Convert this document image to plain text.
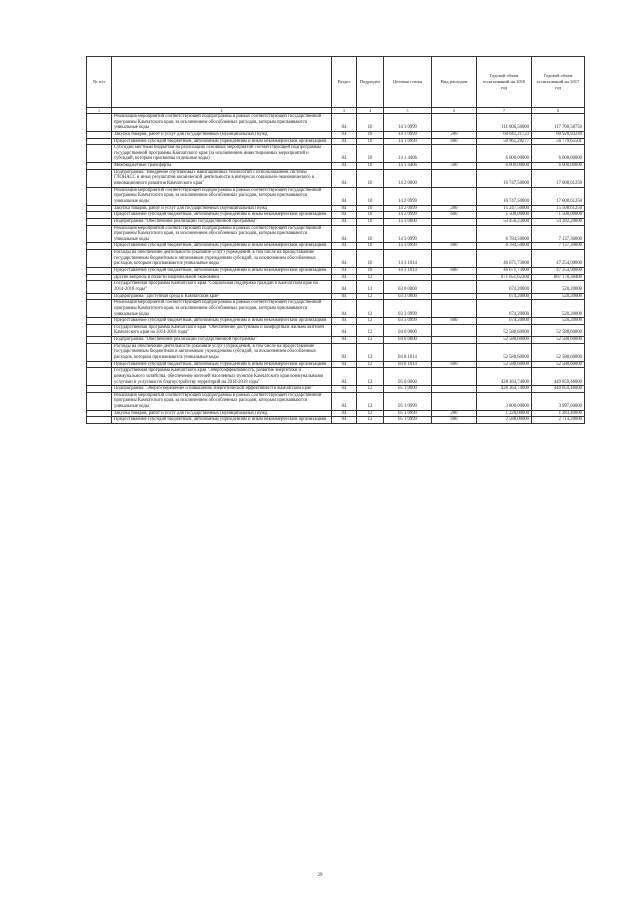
№ п/п		Раздел	Подраздел	Целевая статья	Вид расходов	Годовой объем ассигнований на 2016 год	Годовой объем ассигнований на 2017 год
1	2	3	4	5	6	7	8
	Реализация мероприятий соответствующей подпрограммы в рамках соответствующей государственной программы Камчатского края, за исключением обособленных расходов, которым присваиваются уникальные коды	04	10	14 1 0999		111 006,50000	117 700,58750
	Закупка товаров, работ и услуг для государственных (муниципальных) нужд	04	10	14 1 0999	200	60 041,21723	60 920,93249
	Предоставление субсидий бюджетным, автономным учреждениям и иным некоммерческим организациям	04	10	14 1 0999	600	50 965,28277	56 779,65501
	Субсидии местным бюджетам на реализацию основных мероприятий соответствующей подпрограммы государственной программы Камчатского края (за исключением инвестиционных мероприятий и субсидий, которым присвоены отдельные коды)	04	10	14 1 4406		6 000,00000	6 000,00000
	Межбюджетные трансферты	04	10	14 1 4406	500	6 000,00000	6 000,00000
	Подпрограмма "Внедрение спутниковых навигационных технологий с использованием системы ГЛОНАСС и иных результатов космической деятельности в интересах социально-экономического и инновационного развития Камчатского края"	04	10	14 2 0000		16 747,50000	17 008,61250
	Реализация мероприятий соответствующей подпрограммы в рамках соответствующей государственной программы Камчатского края, за исключением обособленных расходов, которым присваиваются уникальные коды	04	10	14 2 0999		16 747,50000	17 008,61250
	Закупка товаров, работ и услуг для государственных (муниципальных) нужд	04	10	14 2 0999	200	15 247,50000	15 508,61250
	Предоставление субсидий бюджетным, автономным учреждениям и иным некоммерческим организациям	04	10	14 2 0999	600	1 500,00000	1 500,00000
	Подпрограмма "Обеспечение реализации государственной программы"	04	10	14 3 0000		53 456,23000	54 392,20000
	Реализация мероприятий соответствующей подпрограммы в рамках соответствующей государственной программы Камчатского края, за исключением обособленных расходов, которым присваиваются уникальные коды	04	10	14 3 0999		6 784,50000	7 137,30000
	Предоставление субсидий бюджетным, автономным учреждениям и иным некоммерческим организациям	04	10	14 3 0999	600	6 784,50000	7 137,30000
	Расходы на обеспечение деятельности (оказание услуг) учреждений, в том числе на предоставление государственным бюджетным и автономным учреждениям субсидий, за исключением обособленных расходов, которым присваиваются уникальные коды	04	10	14 3 1014		46 671,73000	47 254,90000
	Предоставление субсидий бюджетным, автономным учреждениям и иным некоммерческим организациям	04	10	14 3 1014	600	46 671,73000	47 254,90000
	Другие вопросы в области национальной экономики	04	12			671 651,62300	687 178,38400
	Государственная программа Камчатского края "Социальная поддержка граждан в Камчатском крае на 2014-2018 годы"	04	12	03 0 0000		674,20000	520,20000
	Подпрограмма "Доступная среда в Камчатском крае"	04	12	03 3 0000		674,20000	520,20000
	Реализация мероприятий соответствующей подпрограммы в рамках соответствующей государственной программы Камчатского края, за исключением обособленных расходов, которым присваиваются уникальные коды	04	12	03 3 0999		674,20000	520,20000
	Предоставление субсидий бюджетным, автономным учреждениям и иным некоммерческим организациям	04	12	03 3 0999	600	674,20000	520,20000
	Государственная программа Камчатского края "Обеспечение доступным и комфортным жильем жителей Камчатского края на 2014-2018 годы"	04	12	04 0 0000		52 580,60000	52 580,60000
	Подпрограмма "Обеспечение реализации государственной программы"	04	12	04 8 0000		52 580,60000	52 580,60000
	Расходы на обеспечение деятельности (оказание услуг) учреждений, в том числе на предоставление государственным бюджетным и автономным учреждениям субсидий, за исключением обособленных расходов, которым присваиваются уникальные коды	04	12	04 8 1014		52 580,60000	52 580,60000
	Предоставление субсидий бюджетным, автономным учреждениям и иным некоммерческим организациям	04	12	04 8 1014	600	52 580,60000	52 580,60000
	Государственная программа Камчатского края "Энергоэффективность, развитие энергетики и коммунального хозяйства, обеспечение жителей населенных пунктов Камчатского края коммунальными услугами и услугами по благоустройству территорий на 2014-2018 годы"	04	12	05 0 0000		428 364,74000	449 859,46000
	Подпрограмма "Энергосбережение и повышение энергетической эффективности Камчатском крае"	04	12	05 1 0000		428 364,74000	449 859,46000
	Реализация мероприятий соответствующей подпрограммы в рамках соответствующей государственной программы Камчатского края, за исключением обособленных расходов, которым присваиваются уникальные коды	04	12	05 1 0999		3 800,00000	3 997,60000
	Закупка товаров, работ и услуг для государственных (муниципальных) нужд	04	12	05 1 0999	200	1 220,00000	1 283,40000
	Предоставление субсидий бюджетным, автономным учреждениям и иным некоммерческим организациям	04	12	05 1 0999	600	2 580,00000	2 714,20000
29
